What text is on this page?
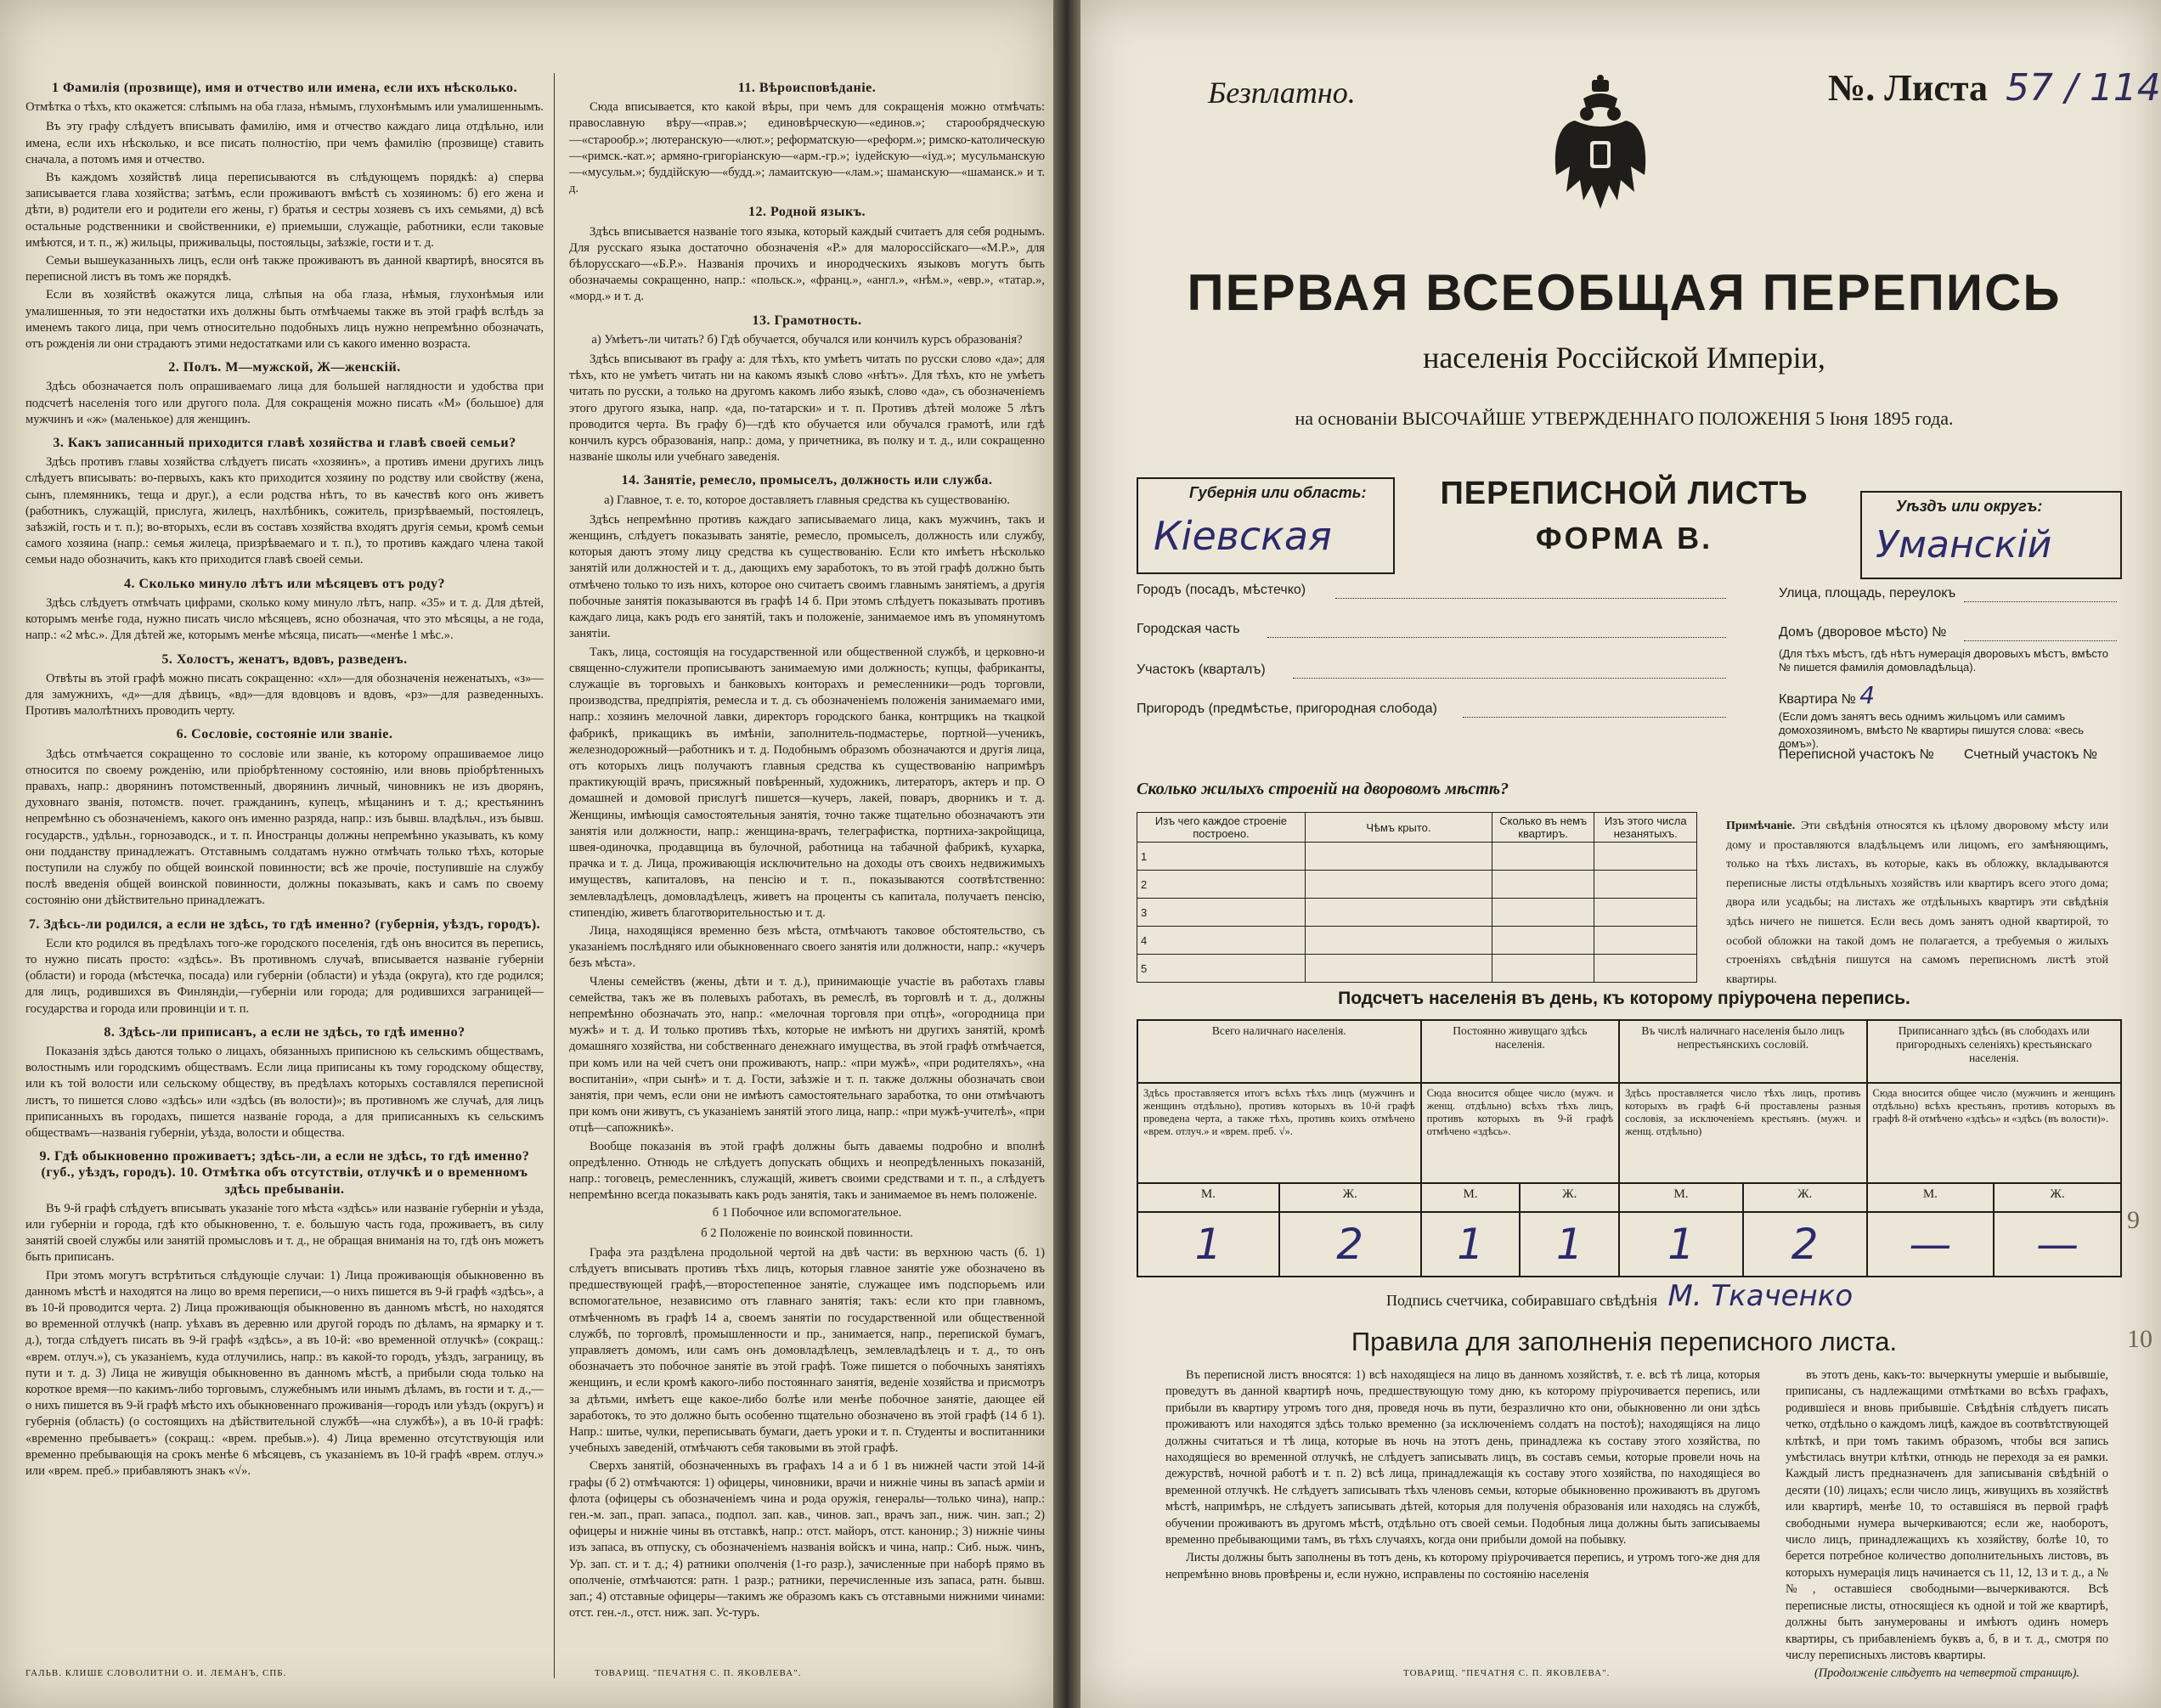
1 Фамилія (прозвище), имя и отчество или имена, если ихъ нѣсколько.
Отмѣтка о тѣхъ, кто окажется: слѣпымъ на оба глаза, нѣмымъ, глухонѣмымъ или умалишеннымъ.

Въ эту графу слѣдуетъ вписывать фамилію, имя и отчество каждаго лица отдѣльно, или имена, если ихъ нѣсколько, и все писать полностію, при чемъ фамилію (прозвище) ставить сначала, а потомъ имя и отчество.

Въ каждомъ хозяйствѣ лица переписываются въ слѣдующемъ порядкѣ: а) сперва записывается глава хозяйства; затѣмъ, если проживаютъ вмѣстѣ съ хозяиномъ: б) его жена и дѣти, в) родители его и родители его жены, г) братья и сестры хозяевъ съ ихъ семьями, д) всѣ остальные родственники и свойственники, е) приемыши, служащіе, работники, если таковые имѣются, и т. п., ж) жильцы, приживальцы, постояльцы, заѣзжіе, гости и т. д.

Семьи вышеуказанныхъ лицъ, если онѣ также проживаютъ въ данной квартирѣ, вносятся въ переписной листъ въ томъ же порядкѣ.

Если въ хозяйствѣ окажутся лица, слѣпыя на оба глаза, нѣмыя, глухонѣмыя или умалишенныя, то эти недостатки ихъ должны быть отмѣчаемы также въ этой графѣ вслѣдъ за именемъ такого лица, при чемъ относительно подобныхъ лицъ нужно непремѣнно обозначать, отъ рожденія ли они страдаютъ этими недостатками или съ какого именно возраста.

2. Полъ. М—мужской, Ж—женскій.

Здѣсь обозначается полъ опрашиваемаго лица для большей наглядности и удобства при подсчетѣ населенія того или другого пола. Для сокращенія можно писать «М» (большое) для мужчинъ и «ж» (маленькое) для женщинъ.

3. Какъ записанный приходится главѣ хозяйства и главѣ своей семьи?

Здѣсь противъ главы хозяйства слѣдуетъ писать «хозяинъ», а противъ имени другихъ лицъ слѣдуетъ вписывать: во-первыхъ, какъ кто приходится хозяину по родству или свойству (жена, сынъ, племянникъ, теща и друг.), а если родства нѣтъ, то въ качествѣ кого онъ живетъ (работникъ, служащій, прислуга, жилецъ, нахлѣбникъ, сожитель, призрѣваемый, постоялецъ, заѣзжій, гость и т. п.); во-вторыхъ, если въ составъ хозяйства входятъ другія семьи, кромѣ семьи самого хозяина (напр.: семья жилеца, призрѣваемаго и т. п.), то противъ каждаго члена такой семьи надо обозначить, какъ кто приходится главѣ своей семьи.

4. Сколько минуло лѣтъ или мѣсяцевъ отъ роду?

Здѣсь слѣдуетъ отмѣчать цифрами, сколько кому минуло лѣтъ, напр. «35» и т. д. Для дѣтей, которымъ менѣе года, нужно писать число мѣсяцевъ, ясно обозначая, что это мѣсяцы, а не года, напр.: «2 мѣс.». Для дѣтей же, которымъ менѣе мѣсяца, писать—«менѣе 1 мѣс.».

5. Холостъ, женатъ, вдовъ, разведенъ.

Отвѣты въ этой графѣ можно писать сокращенно: «хл»—для обозначенія неженатыхъ, «з»—для замужнихъ, «д»—для дѣвицъ, «вд»—для вдовцовъ и вдовъ, «рз»—для разведенныхъ. Противъ малолѣтнихъ проводить черту.

6. Сословіе, состояніе или званіе.

Здѣсь отмѣчается сокращенно то сословіе или званіе, къ которому опрашиваемое лицо относится по своему рожденію, или пріобрѣтенному состоянію, или вновь пріобрѣтенныхъ правахъ, напр.: дворянинъ потомственный, дворянинъ личный, чиновникъ не изъ дворянъ, духовнаго званія, потомств. почет. гражданинъ, купецъ, мѣщанинъ и т. д.; крестьянинъ непремѣнно съ обозначеніемъ, какого онъ именно разряда, напр.: изъ бывш. владѣльч., изъ бывш. государств., удѣльн., горнозаводск., и т. п. Иностранцы должны непремѣнно указывать, къ кому они подданству принадлежатъ. Отставнымъ солдатамъ нужно отмѣчать только тѣхъ, которые поступили на службу по общей воинской повинности; всѣ же прочіе, поступившіе на службу послѣ введенія общей воинской повинности, должны показывать, какъ и самъ по своему состоянію они дѣйствительно принадлежатъ.

7. Здѣсь-ли родился, а если не здѣсь, то гдѣ именно? (губернія, уѣздъ, городъ).

Если кто родился въ предѣлахъ того-же городского поселенія, гдѣ онъ вносится въ перепись, то нужно писать просто: «здѣсь». Въ противномъ случаѣ, вписывается названіе губерніи (области) и города (мѣстечка, посада) или губерніи (области) и уѣзда (округа), кто где родился; для лицъ, родившихся въ Финляндіи,—губерніи или города; для родившихся заграницей—государства и города или провинціи и т. п.

8. Здѣсь-ли приписанъ, а если не здѣсь, то гдѣ именно?

Показанія здѣсь даются только о лицахъ, обязанныхъ приписною къ сельскимъ обществамъ, волостнымъ или городскимъ обществамъ. Если лица приписаны къ тому городскому обществу, или къ той волости или сельскому обществу, въ предѣлахъ которыхъ составлялся переписной листъ, то пишется слово «здѣсь» или «здѣсь (въ волости)»; въ противномъ же случаѣ, для лицъ приписанныхъ въ городахъ, пишется названіе города, а для приписанныхъ къ сельскимъ обществамъ—названія губерніи, уѣзда, волости и общества.

9. Гдѣ обыкновенно проживаетъ; здѣсь-ли, а если не здѣсь, то гдѣ именно? (губ., уѣздъ, городъ). 10. Отмѣтка объ отсутствіи, отлучкѣ и о временномъ здѣсь пребываніи.

Въ 9-й графѣ слѣдуетъ вписывать указаніе того мѣста «здѣсь» или названіе губерніи и уѣзда, или губерніи и города, гдѣ кто обыкновенно, т. е. большую часть года, проживаетъ, въ силу занятій своей службы или занятій промысловъ и т. д., не обращая вниманія на то, гдѣ онъ можетъ быть приписанъ.

При этомъ могутъ встрѣтиться слѣдующіе случаи: 1) Лица проживающія обыкновенно въ данномъ мѣстѣ и находятся на лицо во время переписи,—о нихъ пишется въ 9-й графѣ «здѣсь», а въ 10-й проводится черта. 2) Лица проживающія обыкновенно въ данномъ мѣстѣ, но находятся во временной отлучкѣ (напр. уѣхавъ въ деревню или другой городъ по дѣламъ, на ярмарку и т. д.), тогда слѣдуетъ писать въ 9-й графѣ «здѣсь», а въ 10-й: «во временной отлучкѣ» (сокращ.: «врем. отлуч.»), съ указаніемъ, куда отлучились, напр.: въ какой-то городъ, уѣздъ, заграницу, въ пути и т. д. 3) Лица не живущія обыкновенно въ данномъ мѣстѣ, а прибыли сюда только на короткое время—по какимъ-либо торговымъ, служебнымъ или инымъ дѣламъ, въ гости и т. д.,—о нихъ пишется въ 9-й графѣ мѣсто ихъ обыкновеннаго проживанія—городъ или уѣздъ (округъ) и губернія (область) (о состоящихъ на дѣйствительной службѣ—«на службѣ»), а въ 10-й графѣ: «временно пребываетъ» (сокращ.: «врем. пребыв.»). 4) Лица временно отсутствующія или временно пребывающія на срокъ менѣе 6 мѣсяцевъ, съ указаніемъ въ 10-й графѣ «врем. отлуч.» или «врем. преб.» прибавляютъ знакъ «√».

11. Вѣроисповѣданіе.

Сюда вписывается, кто какой вѣры, при чемъ для сокращенія можно отмѣчать: православную вѣру—«прав.»; единовѣрческую—«единов.»; старообрядческую—«старообр.»; лютеранскую—«лют.»; реформатскую—«реформ.»; римско-католическую—«римск.-кат.»; армяно-григоріанскую—«арм.-гр.»; іудейскую—«іуд.»; мусульманскую—«мусульм.»; буддійскую—«будд.»; ламаитскую—«лам.»; шаманскую—«шаманск.» и т. д.

12. Родной языкъ.

Здѣсь вписывается названіе того языка, который каждый считаетъ для себя роднымъ. Для русскаго языка достаточно обозначенія «Р.» для малороссійскаго—«М.Р.», для бѣлорусскаго—«Б.Р.». Названія прочихъ и инородческихъ языковъ могутъ быть обозначаемы сокращенно, напр.: «польск.», «франц.», «англ.», «нѣм.», «евр.», «татар.», «морд.» и т. д.

13. Грамотность.
а) Умѣетъ-ли читать? б) Гдѣ обучается, обучался или кончилъ курсъ образованія?

Здѣсь вписывают въ графу а: для тѣхъ, кто умѣетъ читать по русски слово «да»; для тѣхъ, кто не умѣетъ читать ни на какомъ языкѣ слово «нѣтъ». Для тѣхъ, кто не умѣетъ читать по русски, а только на другомъ какомъ либо языкѣ, слово «да», съ обозначеніемъ этого другого языка, напр. «да, по-татарски» и т. п. Противъ дѣтей моложе 5 лѣтъ проводится черта. Въ графу б)—гдѣ кто обучается или обучался грамотѣ, или гдѣ кончилъ курсъ образованія, напр.: дома, у причетника, въ полку и т. д., или сокращенно названіе школы или учебнаго заведенія.

14. Занятіе, ремесло, промыселъ, должность или служба.
а) Главное, т. е. то, которое доставляетъ главныя средства къ существованію.

Здѣсь непремѣнно противъ каждаго записываемаго лица, какъ мужчинъ, такъ и женщинъ, слѣдуетъ показывать занятіе, ремесло, промыселъ, должность или службу, которыя даютъ этому лицу средства къ существованію. Если кто имѣетъ нѣсколько занятій или должностей и т. д., дающихъ ему заработокъ, то въ этой графѣ должно быть отмѣчено только то изъ нихъ, которое оно считаетъ своимъ главнымъ занятіемъ, а другія побочные занятія показываются въ графѣ 14 б. При этомъ слѣдуетъ показывать противъ каждаго лица, какъ родъ его занятій, такъ и положеніе, занимаемое имъ въ упомянутомъ занятіи.

Такъ, лица, состоящія на государственной или общественной службѣ, и церковно-и священно-служители прописываютъ занимаемую ими должность; купцы, фабриканты, служащіе въ торговыхъ и банковыхъ конторахъ и ремесленники—родъ торговли, производства, предпріятія, ремесла и т. д. съ обозначеніемъ положенія занимаемаго ими, напр.: хозяинъ мелочной лавки, директоръ городского банка, контрщикъ на ткацкой фабрикѣ, прикащикъ въ имѣніи, заполнитель-подмастерье, портной—ученикъ, железнодорожный—работникъ и т. д. Подобнымъ образомъ обозначаются и другія лица, отъ которыхъ лицъ получаютъ главныя средства къ существованію напримѣръ практикующій врачъ, присяжный повѣренный, художникъ, литераторъ, актеръ и пр. О домашней и домовой прислугѣ пишется—кучеръ, лакей, поваръ, дворникъ и т. д. Женщины, имѣющія самостоятельныя занятія, точно также тщательно обозначаютъ эти занятія или должности, напр.: женщина-врачъ, телеграфистка, портниха-закройщица, швея-одиночка, продавщица въ булочной, работница на табачной фабрикѣ, кухарка, прачка и т. д. Лица, проживающія исключительно на доходы отъ своихъ недвижимыхъ имуществъ, капиталовъ, на пенсію и т. п., показываются соотвѣтственно: землевладѣлецъ, домовладѣлецъ, живетъ на проценты съ капитала, получаетъ пенсію, стипендію, живетъ благотворительностью и т. д.

Лица, находящіяся временно безъ мѣста, отмѣчаютъ таковое обстоятельство, съ указаніемъ послѣдняго или обыкновеннаго своего занятія или должности, напр.: «кучеръ безъ мѣста».

Члены семействъ (жены, дѣти и т. д.), принимающіе участіе въ работахъ главы семейства, такъ же въ полевыхъ работахъ, въ ремеслѣ, въ торговлѣ и т. д., должны непремѣнно обозначать это, напр.: «мелочная торговля при отцѣ», «огородница при мужѣ» и т. д. И только противъ тѣхъ, которые не имѣютъ ни другихъ занятій, кромѣ домашняго хозяйства, ни собственнаго денежнаго имущества, въ этой графѣ отмѣчается, при комъ или на чей счетъ они проживаютъ, напр.: «при мужѣ», «при родителяхъ», «на воспитаніи», «при сынѣ» и т. д. Гости, заѣзжіе и т. п. также должны обозначать свои занятія, при чемъ, если они не имѣютъ самостоятельнаго заработка, то они отмѣчаютъ при комъ они живутъ, съ указаніемъ занятій этого лица, напр.: «при мужѣ-учителѣ», «при отцѣ—сапожникѣ».

Вообще показанія въ этой графѣ должны быть даваемы подробно и вполнѣ опредѣленно. Отнюдь не слѣдуетъ допускать общихъ и неопредѣленныхъ показаній, напр.: тоговецъ, ремесленникъ, служащій, живетъ своими средствами и т. п., а слѣдуетъ непремѣнно всегда показывать какъ родъ занятія, такъ и занимаемое въ немъ положеніе.

б 1 Побочное или вспомогательное.
б 2 Положеніе по воинской повинности.

Графа эта раздѣлена продольной чертой на двѣ части: въ верхнюю часть (б. 1) слѣдуетъ вписывать противъ тѣхъ лицъ, которыя главное занятіе уже обозначено въ предшествующей графѣ,—второстепенное занятіе, служащее имъ подспорьемъ или вспомогательное, независимо отъ главнаго занятія; такъ: если кто при главномъ, отмѣченномъ въ графѣ 14 а, своемъ занятіи по государственной или общественной службѣ, по торговлѣ, промышленности и пр., занимается, напр., перепиской бумагъ, управляетъ домомъ, или самъ онъ домовладѣлецъ, землевладѣлецъ и т. д., то онъ обозначаетъ это побочное занятіе въ этой графѣ. Тоже пишется о побочныхъ занятіяхъ женщинъ, и если кромѣ какого-либо постояннаго занятія, веденіе хозяйства и присмотръ за дѣтьми, имѣетъ еще какое-либо болѣе или менѣе побочное занятіе, дающее ей заработокъ, то это должно быть особенно тщательно обозначено въ этой графѣ (14 б 1). Напр.: шитье, чулки, переписывать бумаги, даетъ уроки и т. п. Студенты и воспитанники учебныхъ заведеній, отмѣчаютъ себя таковыми въ этой графѣ.

Сверхъ занятій, обозначенныхъ въ графахъ 14 а и б 1 въ нижней части этой 14-й графы (б 2) отмѣчаются: 1) офицеры, чиновники, врачи и нижніе чины въ запасѣ арміи и флота (офицеры съ обозначеніемъ чина и рода оружія, генералы—только чина), напр.: ген.-м. зап., прап. запаса., подпол. зап. кав., чинов. зап., врачъ зап., ниж. чин. зап.; 2) офицеры и нижніе чины въ отставкѣ, напр.: отст. майоръ, отст. канонир.; 3) нижніе чины изъ запаса, въ отпуску, съ обозначеніемъ названія войскъ и чина, напр.: Сиб. ныж. чинъ, Ур. зап. ст. и т. д.; 4) ратники ополченія (1-го разр.), зачисленные при наборѣ прямо въ ополченіе, отмѣчаются: ратн. 1 разр.; ратники, перечисленные изъ запаса, ратн. бывш. зап.; 4) отставные офицеры—такимъ же образомъ какъ съ отставными нижними чинами: отст. ген.-л., отст. ниж. зап. Ус-туръ.

ГАЛЬВ. КЛИШЕ СЛОВОЛИТНИ О. И. ЛЕМАНЪ, СПБ.	ТОВАРИЩ. "ПЕЧАТНЯ С. П. ЯКОВЛЕВА".
Безплатно.	№. Листа 57 / 114
ПЕРВАЯ ВСЕОБЩАЯ ПЕРЕПИСЬ
населенія Россійской Имперіи,
на основаніи ВЫСОЧАЙШЕ УТВЕРЖДЕННАГО ПОЛОЖЕНІЯ 5 Іюня 1895 года.
Губернія или область:
Кіевская
ПЕРЕПИСНОЙ ЛИСТЪ
ФОРМА В.
Уѣздъ или округъ:
Уманскій
Городъ (посадъ, мѣстечко)
Городская часть
Участокъ (кварталъ)
Пригородъ (предмѣстье, пригородная слобода)
Улица, площадь, переулокъ
Домъ (дворовое мѣсто) №
(Для тѣхъ мѣстъ, гдѣ нѣтъ нумерація дворовыхъ мѣстъ, вмѣсто № пишется фамилія домовладѣльца).
Квартира № 4
(Если домъ занятъ весь однимъ жильцомъ или самимъ домохозяиномъ, вмѣсто № квартиры пишутся слова: «весь домъ»).
Переписной участокъ № Счетный участокъ №
Сколько жилыхъ строеній на дворовомъ мѣстѣ?
Изъ чего каждое строеніе построено.	Чѣмъ крыто.	Сколько въ немъ квартиръ.	Изъ этого числа незанятыхъ.
1			
2			
3			
4			
5			
Примѣчаніе. Эти свѣдѣнія относятся къ цѣлому дворовому мѣсту или дому и проставляются владѣльцемъ или лицомъ, его замѣняющимъ, только на тѣхъ листахъ, въ которые, какъ въ обложку, вкладываются переписные листы отдѣльныхъ хозяйствъ или квартиръ всего этого дома; двора или усадьбы; на листахъ же отдѣльныхъ квартиръ эти свѣдѣнія здѣсь ничего не пишется. Если весь домъ занятъ одной квартирой, то особой обложки на такой домъ не полагается, а требуемыя о жилыхъ строеніяхъ свѣдѣнія пишутся на самомъ переписномъ листѣ этой квартиры.
Подсчетъ населенія въ день, къ которому пріурочена перепись.
Всего наличнаго населенія.		Постоянно живущаго здѣсь населенія.		Въ числѣ наличнаго населенія было лицъ непрестьянскихъ сословій.		Приписаннаго здѣсь (въ слободахъ или пригородныхъ селеніяхъ) крестьянскаго населенія.	
Здѣсь проставляется итогъ всѣхъ тѣхъ лицъ (мужчинъ и женщинъ отдѣльно), противъ которыхъ въ 10-й графѣ проведена черта, а также тѣхъ, противъ коихъ отмѣчено «врем. отлуч.» и «врем. преб. √».		Сюда вносится общее число (мужч. и женщ. отдѣльно) всѣхъ тѣхъ лицъ, противъ которыхъ въ 9-й графѣ отмѣчено «здѣсь».		Здѣсь проставляется число тѣхъ лицъ, противъ которыхъ въ графѣ 6-й проставлены разныя сословія, за исключеніемъ крестьянъ. (мужч. и женщ. отдѣльно)		Сюда вносится общее число (мужчинъ и женщинъ отдѣльно) всѣхъ крестьянъ, противъ которыхъ въ графѣ 8-й отмѣчено «здѣсь» и «здѣсь (въ волости)».	
М.	Ж.	М.	Ж.	М.	Ж.	М.	Ж.
1	2	1	1	1	2	—	—
Подпись счетчика, собиравшаго свѣдѣнія М. Ткаченко
Правила для заполненія переписного листа.

Въ переписной листъ вносятся: 1) всѣ находящіеся на лицо въ данномъ хозяйствѣ, т. е. всѣ тѣ лица, которыя проведутъ въ данной квартирѣ ночь, предшествующую тому дню, къ которому пріурочивается перепись, или прибыли въ квартиру утромъ того дня, проведя ночь въ пути, безразлично кто они, обыкновенно ли они здѣсь проживаютъ или находятся здѣсь только временно (за исключеніемъ солдатъ на постоѣ); находящіяся на лицо должны считаться и тѣ лица, которые въ ночь на этотъ день, принадлежа къ составу этого хозяйства, по находящіеся во временной отлучкѣ, не слѣдуетъ записывать лицъ, въ составъ семьи, которые провели ночь на дежурствѣ, ночной работѣ и т. п. 2) всѣ лица, принадлежащія къ составу этого хозяйства, по находящіеся во временной отлучкѣ. Не слѣдуетъ записывать тѣхъ членовъ семьи, которые обыкновенно проживаютъ въ другомъ мѣстѣ, напримѣръ, не слѣдуетъ записывать дѣтей, которыя для полученія образованія или находясь на службѣ, обучении проживаютъ въ другомъ мѣстѣ, отдѣльно отъ своей семьи. Подобныя лица должны быть записываемы временно пребывающими тамъ, въ тѣхъ случаяхъ, когда они прибыли домой на побывку.

Листы должны быть заполнены въ тотъ день, къ которому пріурочивается перепись, и утромъ того-же дня для непремѣнно вновь провѣрены и, если нужно, исправлены по состоянію населенія

въ этотъ день, какъ-то: вычеркнуты умершіе и выбывшіе, приписаны, съ надлежащими отмѣтками во всѣхъ графахъ, родившіеся и вновь прибывшіе. Свѣдѣнія слѣдуетъ писать четко, отдѣльно о каждомъ лицѣ, каждое въ соотвѣтствующей клѣткѣ, и при томъ такимъ образомъ, чтобы вся запись умѣстилась внутри клѣтки, отнюдь не переходя за ея рамки. Каждый листъ предназначенъ для записыванія свѣдѣній о десяти (10) лицахъ; если число лицъ, живущихъ въ хозяйствѣ или квартирѣ, менѣе 10, то оставшіяся въ первой графѣ свободными нумера вычеркиваются; если же, наоборотъ, число лицъ, принадлежащихъ къ хозяйству, болѣе 10, то берется потребное количество дополнительныхъ листовъ, въ которыхъ нумерація лицъ начинается съ 11, 12, 13 и т. д., а №№, оставшіеся свободными—вычеркиваются. Всѣ переписные листы, относящіеся къ одной и той же квартирѣ, должны быть занумерованы и имѣютъ одинъ номеръ квартиры, съ прибавленіемъ буквъ а, б, в и т. д., смотря по числу переписныхъ листовъ квартиры.

(Продолженіе слѣдуетъ на четвертой страницѣ).

ТОВАРИЩ. "ПЕЧАТНЯ С. П. ЯКОВЛЕВА".
9
10
